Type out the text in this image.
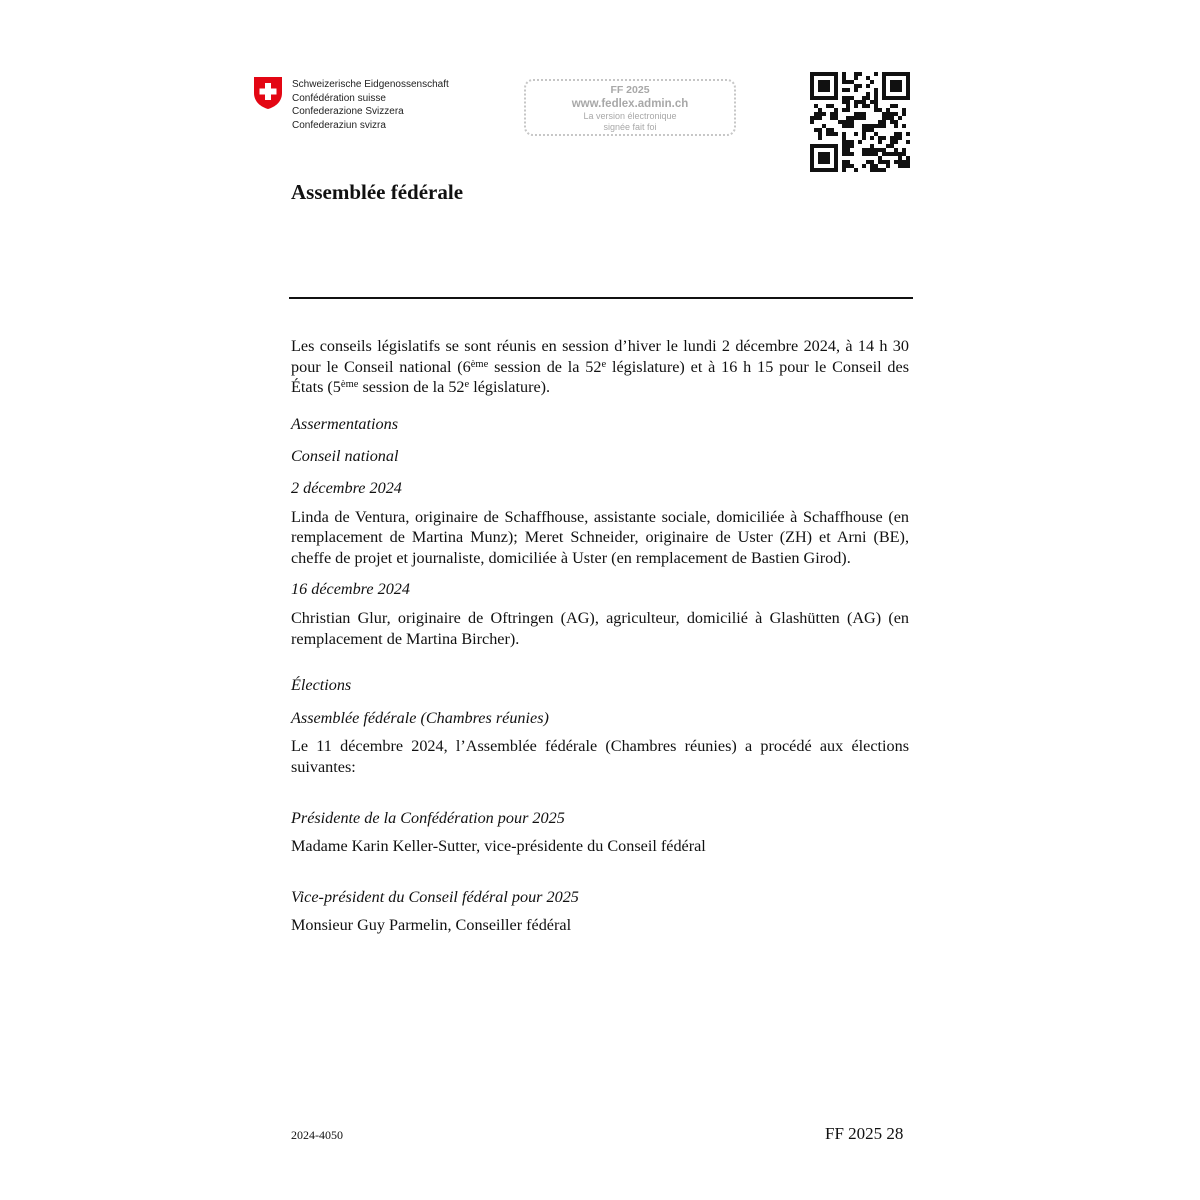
Schweizerische Eidgenossenschaft
Confédération suisse
Confederazione Svizzera
Confederaziun svizra
FF 2025
www.fedlex.admin.ch
La version électronique
signée fait foi
Assemblée fédérale

Les conseils législatifs se sont réunis en session d’hiver le lundi 2 décembre 2024, à 14 h 30 pour le Conseil national (6ème session de la 52e législature) et à 16 h 15 pour le Conseil des États (5ème session de la 52e législature).

Assermentations

Conseil national

2 décembre 2024

Linda de Ventura, originaire de Schaffhouse, assistante sociale, domiciliée à Schaffhouse (en remplacement de Martina Munz); Meret Schneider, originaire de Uster (ZH) et Arni (BE), cheffe de projet et journaliste, domiciliée à Uster (en remplacement de Bastien Girod).

16 décembre 2024

Christian Glur, originaire de Oftringen (AG), agriculteur, domicilié à Glashütten (AG) (en remplacement de Martina Bircher).

Élections

Assemblée fédérale (Chambres réunies)

Le 11 décembre 2024, l’Assemblée fédérale (Chambres réunies) a procédé aux élections suivantes:

Présidente de la Confédération pour 2025

Madame Karin Keller-Sutter, vice-présidente du Conseil fédéral

Vice-président du Conseil fédéral pour 2025

Monsieur Guy Parmelin, Conseiller fédéral

2024-4050	FF 2025 28
